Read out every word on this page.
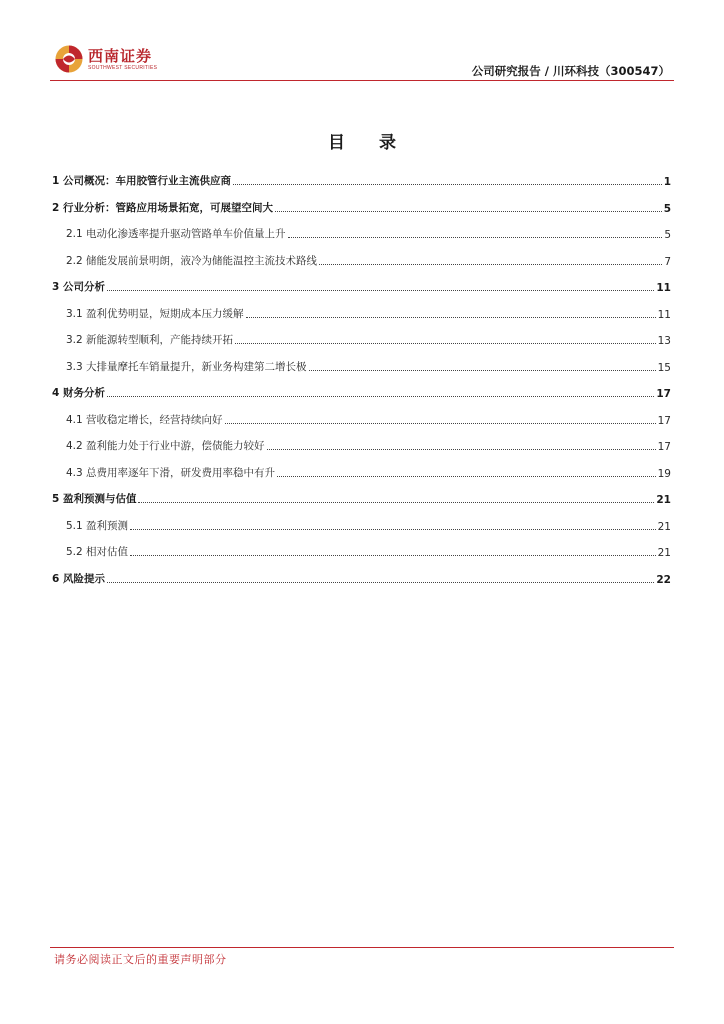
西南证券
SOUTHWEST SECURITIES	公司研究报告 / 川环科技（300547）
目 录
1 公司概况：车用胶管行业主流供应商	1
2 行业分析：管路应用场景拓宽，可展望空间大	5
2.1 电动化渗透率提升驱动管路单车价值量上升	5
2.2 储能发展前景明朗，液冷为储能温控主流技术路线	7
3 公司分析	11
3.1 盈利优势明显，短期成本压力缓解	11
3.2 新能源转型顺利，产能持续开拓	13
3.3 大排量摩托车销量提升，新业务构建第二增长极	15
4 财务分析	17
4.1 营收稳定增长，经营持续向好	17
4.2 盈利能力处于行业中游，偿债能力较好	17
4.3 总费用率逐年下滑，研发费用率稳中有升	19
5 盈利预测与估值	21
5.1 盈利预测	21
5.2 相对估值	21
6 风险提示	22
请务必阅读正文后的重要声明部分
